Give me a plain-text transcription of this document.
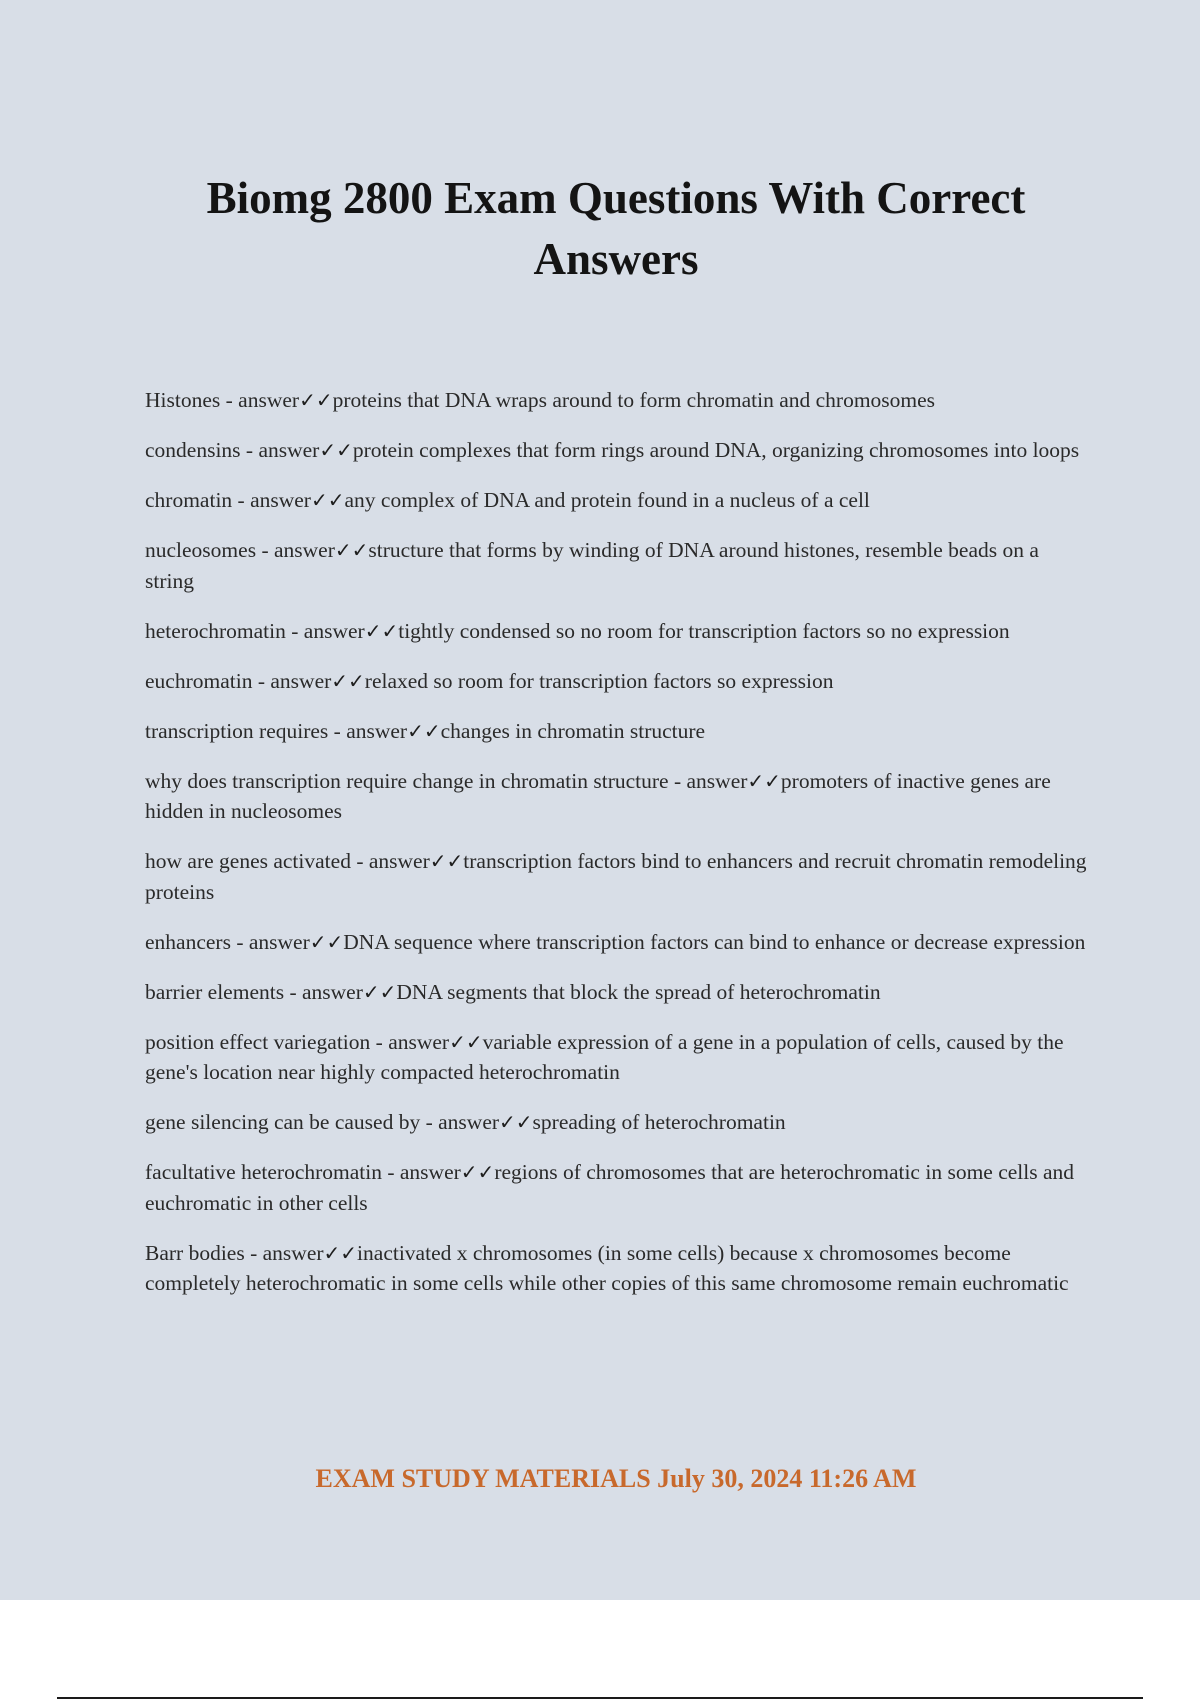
Biomg 2800 Exam Questions With Correct Answers
Histones - answer✓✓proteins that DNA wraps around to form chromatin and chromosomes
condensins - answer✓✓protein complexes that form rings around DNA, organizing chromosomes into loops
chromatin - answer✓✓any complex of DNA and protein found in a nucleus of a cell
nucleosomes - answer✓✓structure that forms by winding of DNA around histones, resemble beads on a string
heterochromatin - answer✓✓tightly condensed so no room for transcription factors so no expression
euchromatin - answer✓✓relaxed so room for transcription factors so expression
transcription requires - answer✓✓changes in chromatin structure
why does transcription require change in chromatin structure - answer✓✓promoters of inactive genes are hidden in nucleosomes
how are genes activated - answer✓✓transcription factors bind to enhancers and recruit chromatin remodeling proteins
enhancers - answer✓✓DNA sequence where transcription factors can bind to enhance or decrease expression
barrier elements - answer✓✓DNA segments that block the spread of heterochromatin
position effect variegation - answer✓✓variable expression of a gene in a population of cells, caused by the gene's location near highly compacted heterochromatin
gene silencing can be caused by - answer✓✓spreading of heterochromatin
facultative heterochromatin - answer✓✓regions of chromosomes that are heterochromatic in some cells and euchromatic in other cells
Barr bodies - answer✓✓inactivated x chromosomes (in some cells) because x chromosomes become completely heterochromatic in some cells while other copies of this same chromosome remain euchromatic

EXAM STUDY MATERIALS July 30, 2024 11:26 AM
